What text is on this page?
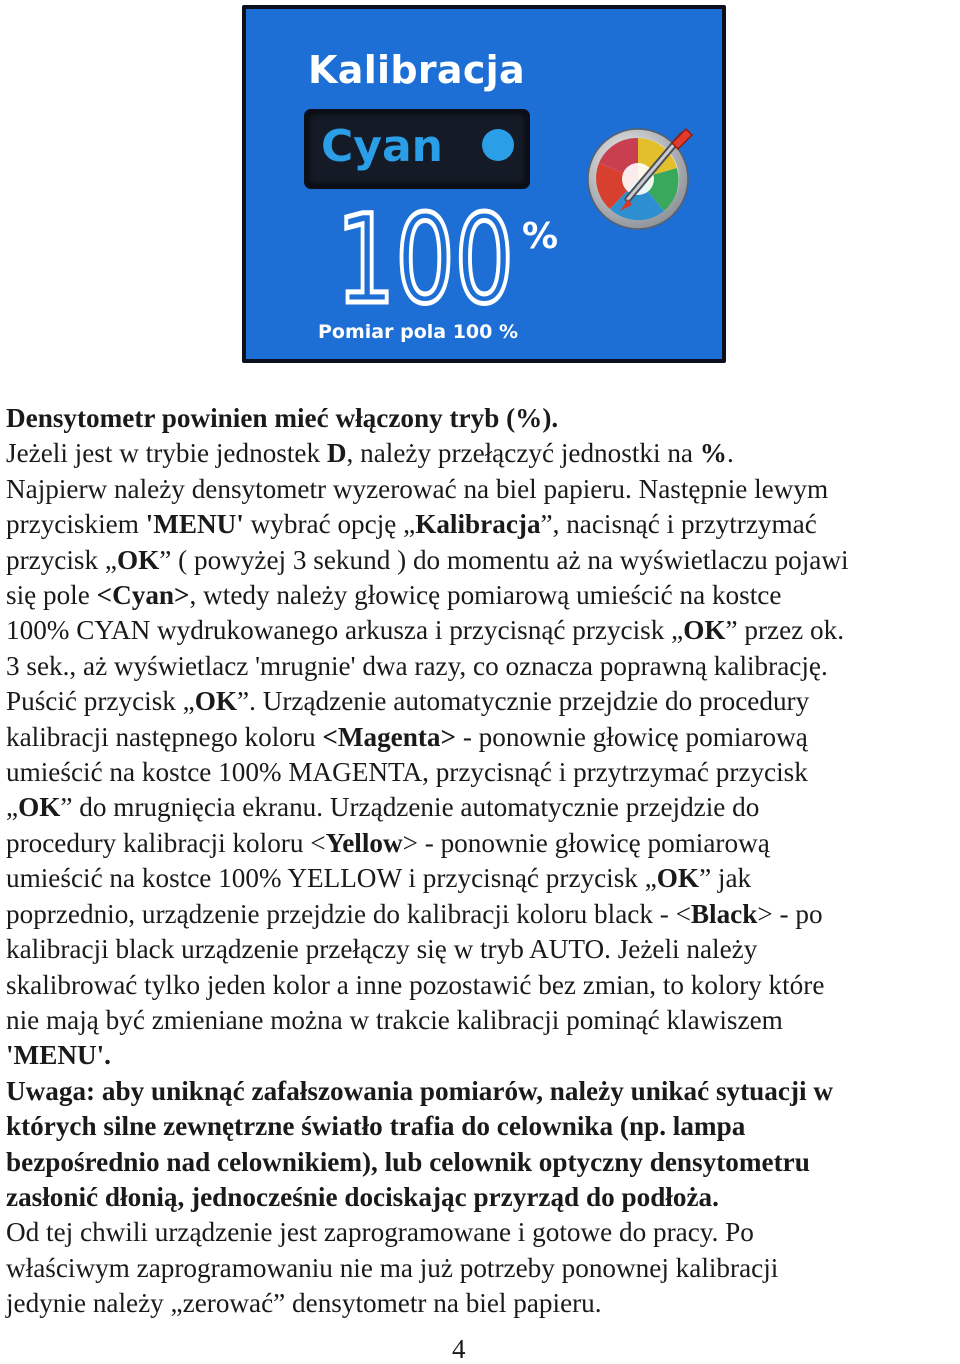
Kalibracja
Cyan
100 %
Pomiar pola 100 %

Densytometr powinien mieć włączony tryb (%).

Jeżeli jest w trybie jednostek D, należy przełączyć jednostki na %.

Najpierw należy densytometr wyzerować na biel papieru. Następnie lewym

przyciskiem 'MENU' wybrać opcję „Kalibracja”, nacisnąć i przytrzymać

przycisk „OK” ( powyżej 3 sekund ) do momentu aż na wyświetlaczu pojawi

się pole <Cyan>, wtedy należy głowicę pomiarową umieścić na kostce

100% CYAN wydrukowanego arkusza i przycisnąć przycisk „OK” przez ok.

3 sek., aż wyświetlacz 'mrugnie' dwa razy, co oznacza poprawną kalibrację.

Puścić przycisk „OK”. Urządzenie automatycznie przejdzie do procedury

kalibracji następnego koloru <Magenta> - ponownie głowicę pomiarową

umieścić na kostce 100% MAGENTA, przycisnąć i przytrzymać przycisk

„OK” do mrugnięcia ekranu. Urządzenie automatycznie przejdzie do

procedury kalibracji koloru <Yellow> - ponownie głowicę pomiarową

umieścić na kostce 100% YELLOW i przycisnąć przycisk „OK” jak

poprzednio, urządzenie przejdzie do kalibracji koloru black - <Black> - po

kalibracji black urządzenie przełączy się w tryb AUTO. Jeżeli należy

skalibrować tylko jeden kolor a inne pozostawić bez zmian, to kolory które

nie mają być zmieniane można w trakcie kalibracji pominąć klawiszem

'MENU'.

Uwaga: aby uniknąć zafałszowania pomiarów, należy unikać sytuacji w

których silne zewnętrzne światło trafia do celownika (np. lampa

bezpośrednio nad celownikiem), lub celownik optyczny densytometru

zasłonić dłonią, jednocześnie dociskając przyrząd do podłoża.

Od tej chwili urządzenie jest zaprogramowane i gotowe do pracy. Po

właściwym zaprogramowaniu nie ma już potrzeby ponownej kalibracji

jedynie należy „zerować” densytometr na biel papieru.

4
